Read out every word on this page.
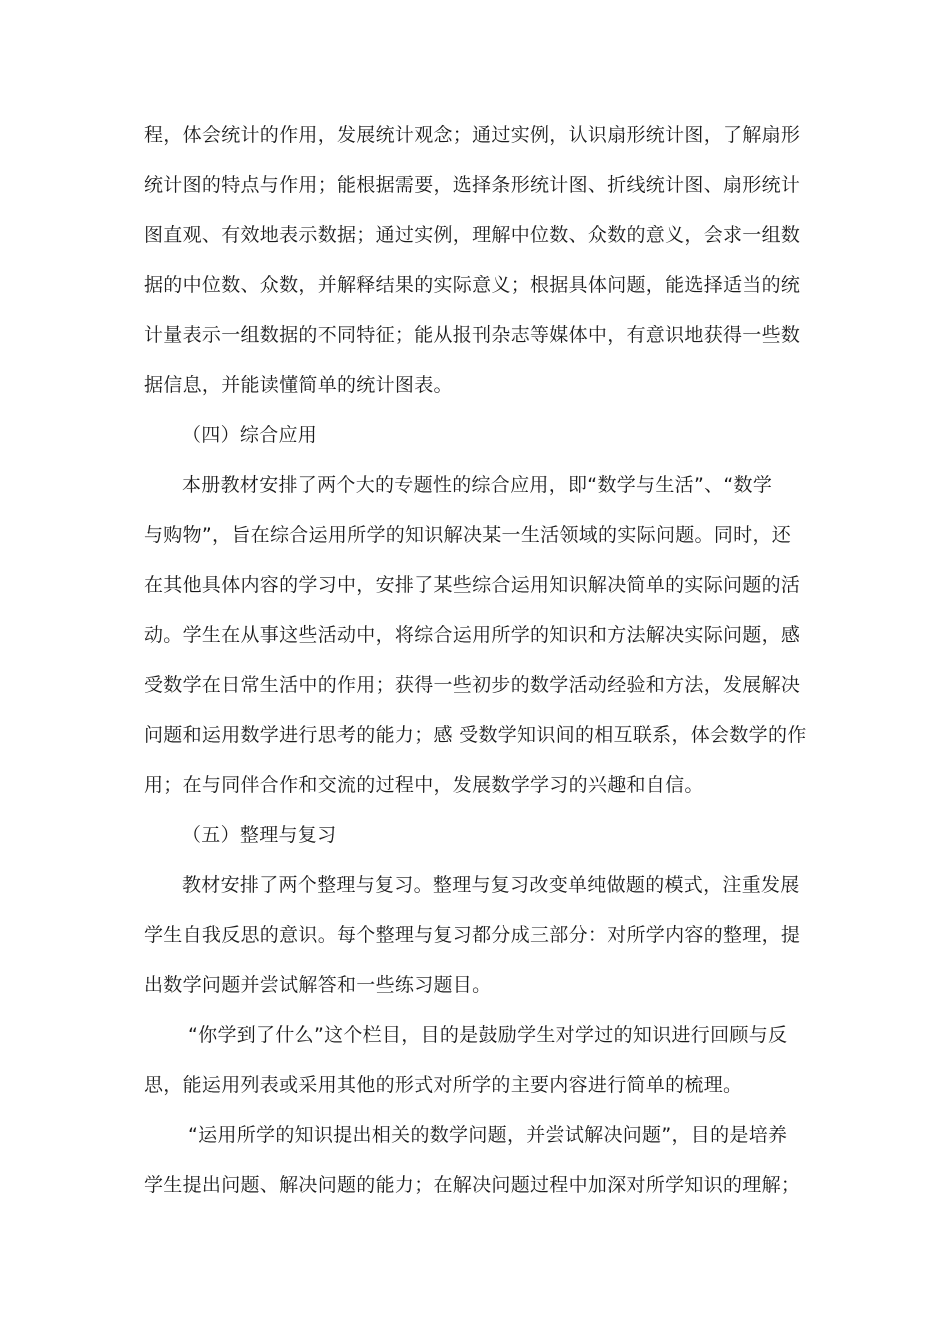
程，体会统计的作用，发展统计观念；通过实例，认识扇形统计图，了解扇形
统计图的特点与作用；能根据需要，选择条形统计图、折线统计图、扇形统计
图直观、有效地表示数据；通过实例，理解中位数、众数的意义，会求一组数
据的中位数、众数，并解释结果的实际意义；根据具体问题，能选择适当的统
计量表示一组数据的不同特征；能从报刊杂志等媒体中，有意识地获得一些数
据信息，并能读懂简单的统计图表。
（四）综合应用
本册教材安排了两个大的专题性的综合应用，即“数学与生活”、“数学
与购物”，旨在综合运用所学的知识解决某一生活领域的实际问题。同时，还
在其他具体内容的学习中，安排了某些综合运用知识解决简单的实际问题的活
动。学生在从事这些活动中，将综合运用所学的知识和方法解决实际问题，感
受数学在日常生活中的作用；获得一些初步的数学活动经验和方法，发展解决
问题和运用数学进行思考的能力；感 受数学知识间的相互联系，体会数学的作
用；在与同伴合作和交流的过程中，发展数学学习的兴趣和自信。
（五）整理与复习
教材安排了两个整理与复习。整理与复习改变单纯做题的模式，注重发展
学生自我反思的意识。每个整理与复习都分成三部分：对所学内容的整理，提
出数学问题并尝试解答和一些练习题目。
“你学到了什么”这个栏目，目的是鼓励学生对学过的知识进行回顾与反
思，能运用列表或采用其他的形式对所学的主要内容进行简单的梳理。
“运用所学的知识提出相关的数学问题，并尝试解决问题”，目的是培养
学生提出问题、解决问题的能力；在解决问题过程中加深对所学知识的理解；
